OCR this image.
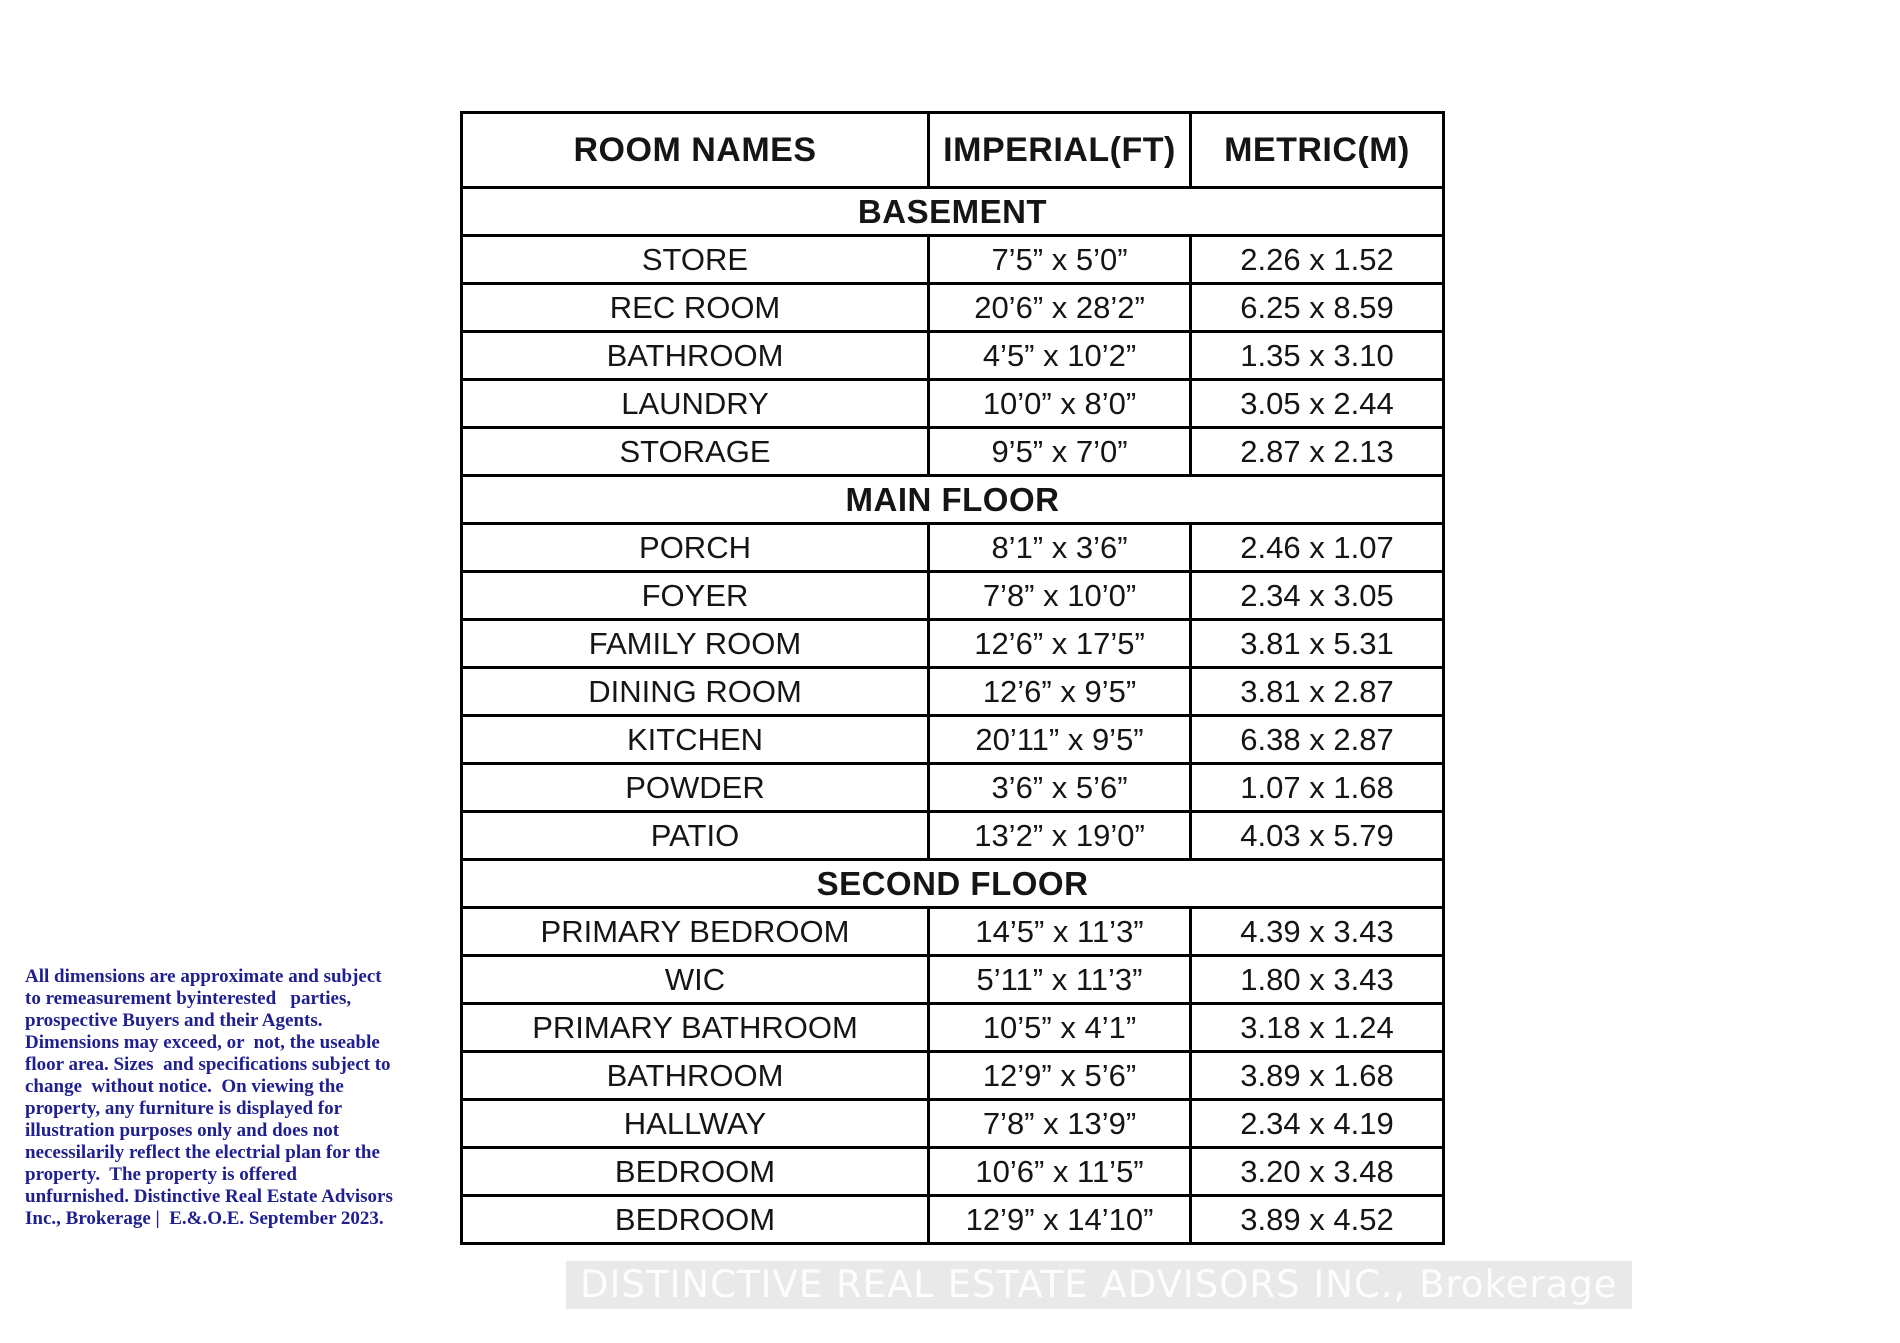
All dimensions are approximate and subject
to remeasurement byinterested   parties,
prospective Buyers and their Agents.
Dimensions may exceed, or  not, the useable
floor area. Sizes  and specifications subject to
change  without notice.  On viewing the
property, any furniture is displayed for
illustration purposes only and does not
necessilarily reflect the electrial plan for the
property.  The property is offered
unfurnished. Distinctive Real Estate Advisors
Inc., Brokerage |  E.&.O.E. September 2023.
ROOM NAMES	IMPERIAL(FT)	METRIC(M)
BASEMENT		
STORE	7’5” x 5’0”	2.26 x 1.52
REC ROOM	20’6” x 28’2”	6.25 x 8.59
BATHROOM	4’5” x 10’2”	1.35 x 3.10
LAUNDRY	10’0” x 8’0”	3.05 x 2.44
STORAGE	9’5” x 7’0”	2.87 x 2.13
MAIN FLOOR		
PORCH	8’1” x 3’6”	2.46 x 1.07
FOYER	7’8” x 10’0”	2.34 x 3.05
FAMILY ROOM	12’6” x 17’5”	3.81 x 5.31
DINING ROOM	12’6” x 9’5”	3.81 x 2.87
KITCHEN	20’11” x 9’5”	6.38 x 2.87
POWDER	3’6” x 5’6”	1.07 x 1.68
PATIO	13’2” x 19’0”	4.03 x 5.79
SECOND FLOOR		
PRIMARY BEDROOM	14’5” x 11’3”	4.39 x 3.43
WIC	5’11” x 11’3”	1.80 x 3.43
PRIMARY BATHROOM	10’5” x 4’1”	3.18 x 1.24
BATHROOM	12’9” x 5’6”	3.89 x 1.68
HALLWAY	7’8” x 13’9”	2.34 x 4.19
BEDROOM	10’6” x 11’5”	3.20 x 3.48
BEDROOM	12’9” x 14’10”	3.89 x 4.52
DISTINCTIVE REAL ESTATE ADVISORS INC., Brokerage
